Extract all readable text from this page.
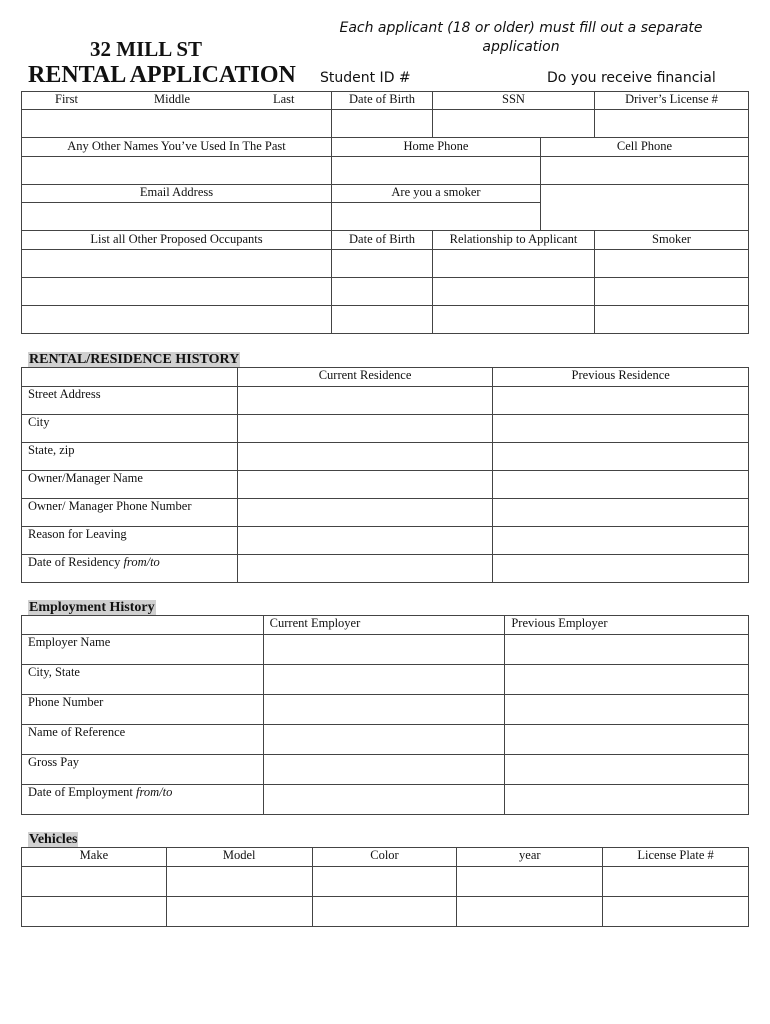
32 MILL ST
RENTAL APPLICATION
Each applicant (18 or older) must fill out a separate application
Student ID #	Do you receive financial
First	Middle	Last	Date of Birth	SSN	Driver’s License #
Any Other Names You’ve Used In The Past	Home Phone	Cell Phone
Email Address	Are you a smoker
List all Other Proposed Occupants	Date of Birth	Relationship to Applicant	Smoker
RENTAL/RESIDENCE HISTORY
	Current Residence	Previous Residence
Street Address		
City		
State, zip		
Owner/Manager Name		
Owner/ Manager Phone Number		
Reason for Leaving		
Date of Residency from/to		
Employment History
	Current Employer	Previous Employer
Employer Name		
City, State		
Phone Number		
Name of Reference		
Gross Pay		
Date of Employment from/to		
Vehicles
Make	Model	Color	year	License Plate #
